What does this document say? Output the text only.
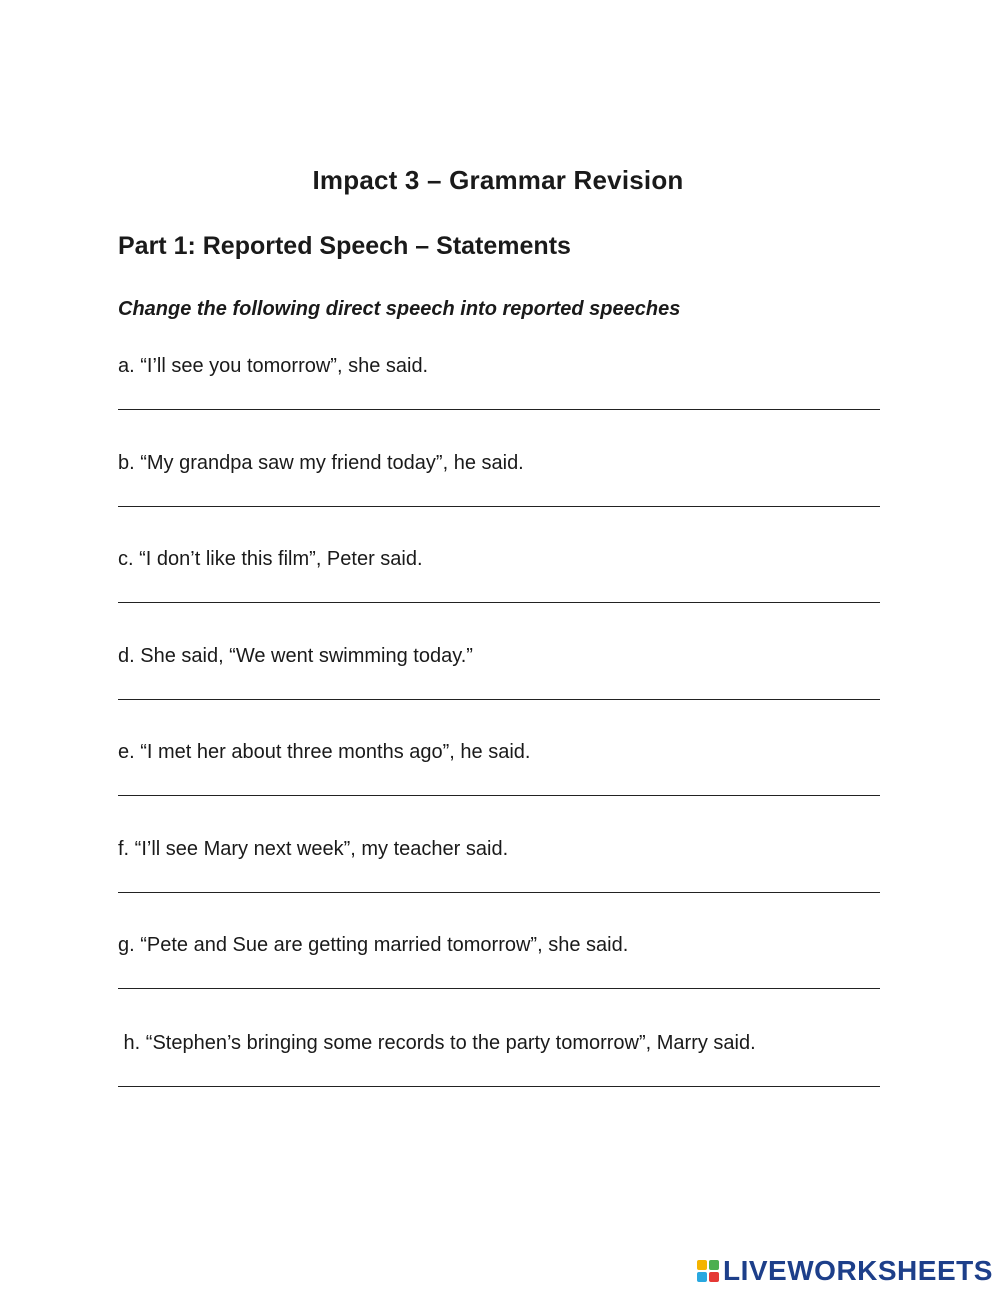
Impact 3 – Grammar Revision
Part 1: Reported Speech – Statements
Change the following direct speech into reported speeches
a. “I’ll see you tomorrow”, she said.
b. “My grandpa saw my friend today”, he said.
c. “I don’t like this film”, Peter said.
d. She said, “We went swimming today.”
e. “I met her about three months ago”, he said.
f. “I’ll see Mary next week”, my teacher said.
g. “Pete and Sue are getting married tomorrow”, she said.
h. “Stephen’s bringing some records to the party tomorrow”, Marry said.
LIVEWORKSHEETS
